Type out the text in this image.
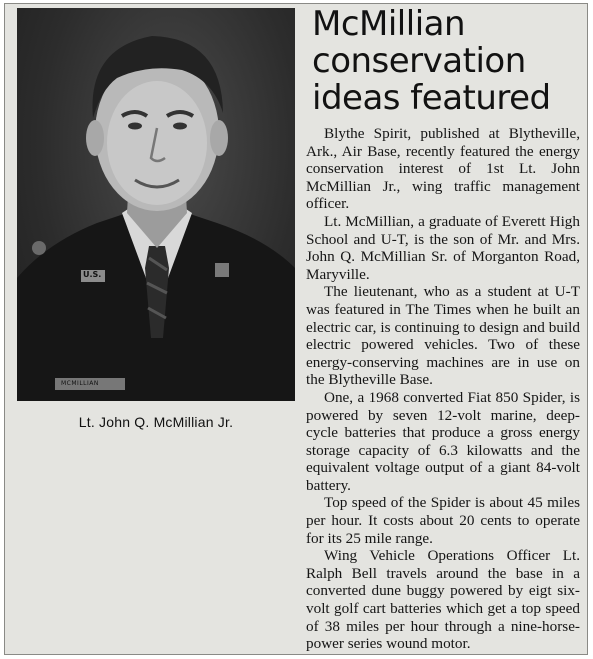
U.S.
MCMILLIAN
Lt. John Q. McMillian Jr.
McMillian
conservation
ideas featured

Blythe Spirit, published at Blytheville, Ark., Air Base, recently featured the energy conservation interest of 1st Lt. John McMillian Jr., wing traffic management officer.

Lt. McMillian, a graduate of Everett High School and U-T, is the son of Mr. and Mrs. John Q. McMillian Sr. of Morganton Road, Maryville.

The lieutenant, who as a student at U-T was featured in The Times when he built an electric car, is continuing to design and build electric powered vehicles. Two of these energy-conserving machines are in use on the Blytheville Base.

One, a 1968 converted Fiat 850 Spider, is powered by seven 12-volt marine, deep-cycle batteries that produce a gross energy storage capacity of 6.3 kilowatts and the equivalent voltage output of a giant 84-volt battery.

Top speed of the Spider is about 45 miles per hour. It costs about 20 cents to operate for its 25 mile range.

Wing Vehicle Operations Officer Lt. Ralph Bell travels around the base in a converted dune buggy powered by eigt six-volt golf cart batteries which get a top speed of 38 miles per hour through a nine-horse-power series wound motor.
